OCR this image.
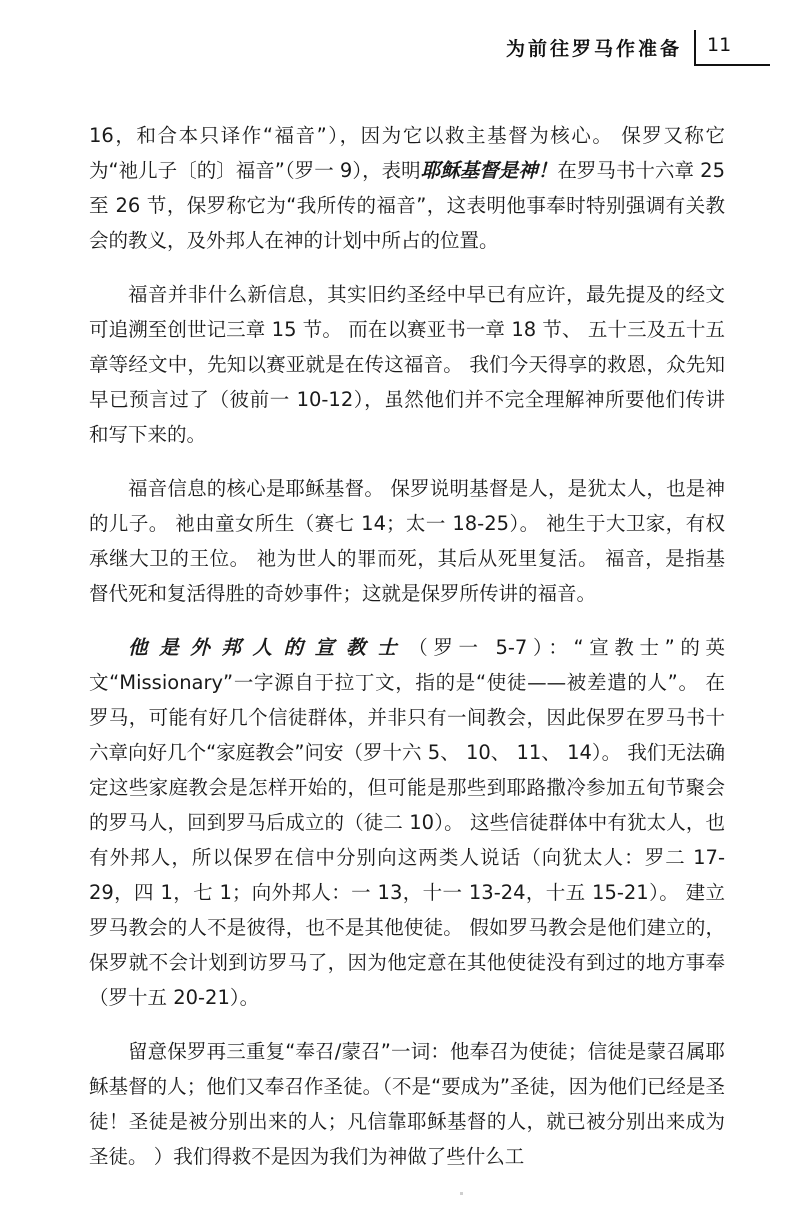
为前往罗马作准备 11

16，和合本只译作“福音”），因为它以救主基督为核心。 保罗又称它为“祂儿子〔的〕福音”（罗一 9），表明耶稣基督是神！在罗马书十六章 25 至 26 节，保罗称它为“我所传的福音”，这表明他事奉时特别强调有关教会的教义，及外邦人在神的计划中所占的位置。

福音并非什么新信息，其实旧约圣经中早已有应许，最先提及的经文可追溯至创世记三章 15 节。 而在以赛亚书一章 18 节、 五十三及五十五章等经文中，先知以赛亚就是在传这福音。 我们今天得享的救恩，众先知早已预言过了（彼前一 10-12），虽然他们并不完全理解神所要他们传讲和写下来的。

福音信息的核心是耶稣基督。 保罗说明基督是人，是犹太人，也是神的儿子。 祂由童女所生（赛七 14；太一 18-25）。 祂生于大卫家，有权承继大卫的王位。 祂为世人的罪而死，其后从死里复活。 福音，是指基督代死和复活得胜的奇妙事件；这就是保罗所传讲的福音。

他是外邦人的宣教士（罗一 5-7）：“宣教士”的英文“Missionary”一字源自于拉丁文，指的是“使徒——被差遣的人”。 在罗马，可能有好几个信徒群体，并非只有一间教会，因此保罗在罗马书十六章向好几个“家庭教会”问安（罗十六 5、 10、 11、 14）。 我们无法确定这些家庭教会是怎样开始的，但可能是那些到耶路撒冷参加五旬节聚会的罗马人，回到罗马后成立的（徒二 10）。 这些信徒群体中有犹太人，也有外邦人，所以保罗在信中分别向这两类人说话（向犹太人：罗二 17-29，四 1，七 1；向外邦人：一 13，十一 13-24，十五 15-21）。 建立罗马教会的人不是彼得，也不是其他使徒。 假如罗马教会是他们建立的，保罗就不会计划到访罗马了，因为他定意在其他使徒没有到过的地方事奉（罗十五 20-21）。

留意保罗再三重复“奉召/蒙召”一词：他奉召为使徒；信徒是蒙召属耶稣基督的人；他们又奉召作圣徒。（不是“要成为”圣徒，因为他们已经是圣徒！圣徒是被分别出来的人；凡信靠耶稣基督的人，就已被分别出来成为圣徒。 ）我们得救不是因为我们为神做了些什么工
